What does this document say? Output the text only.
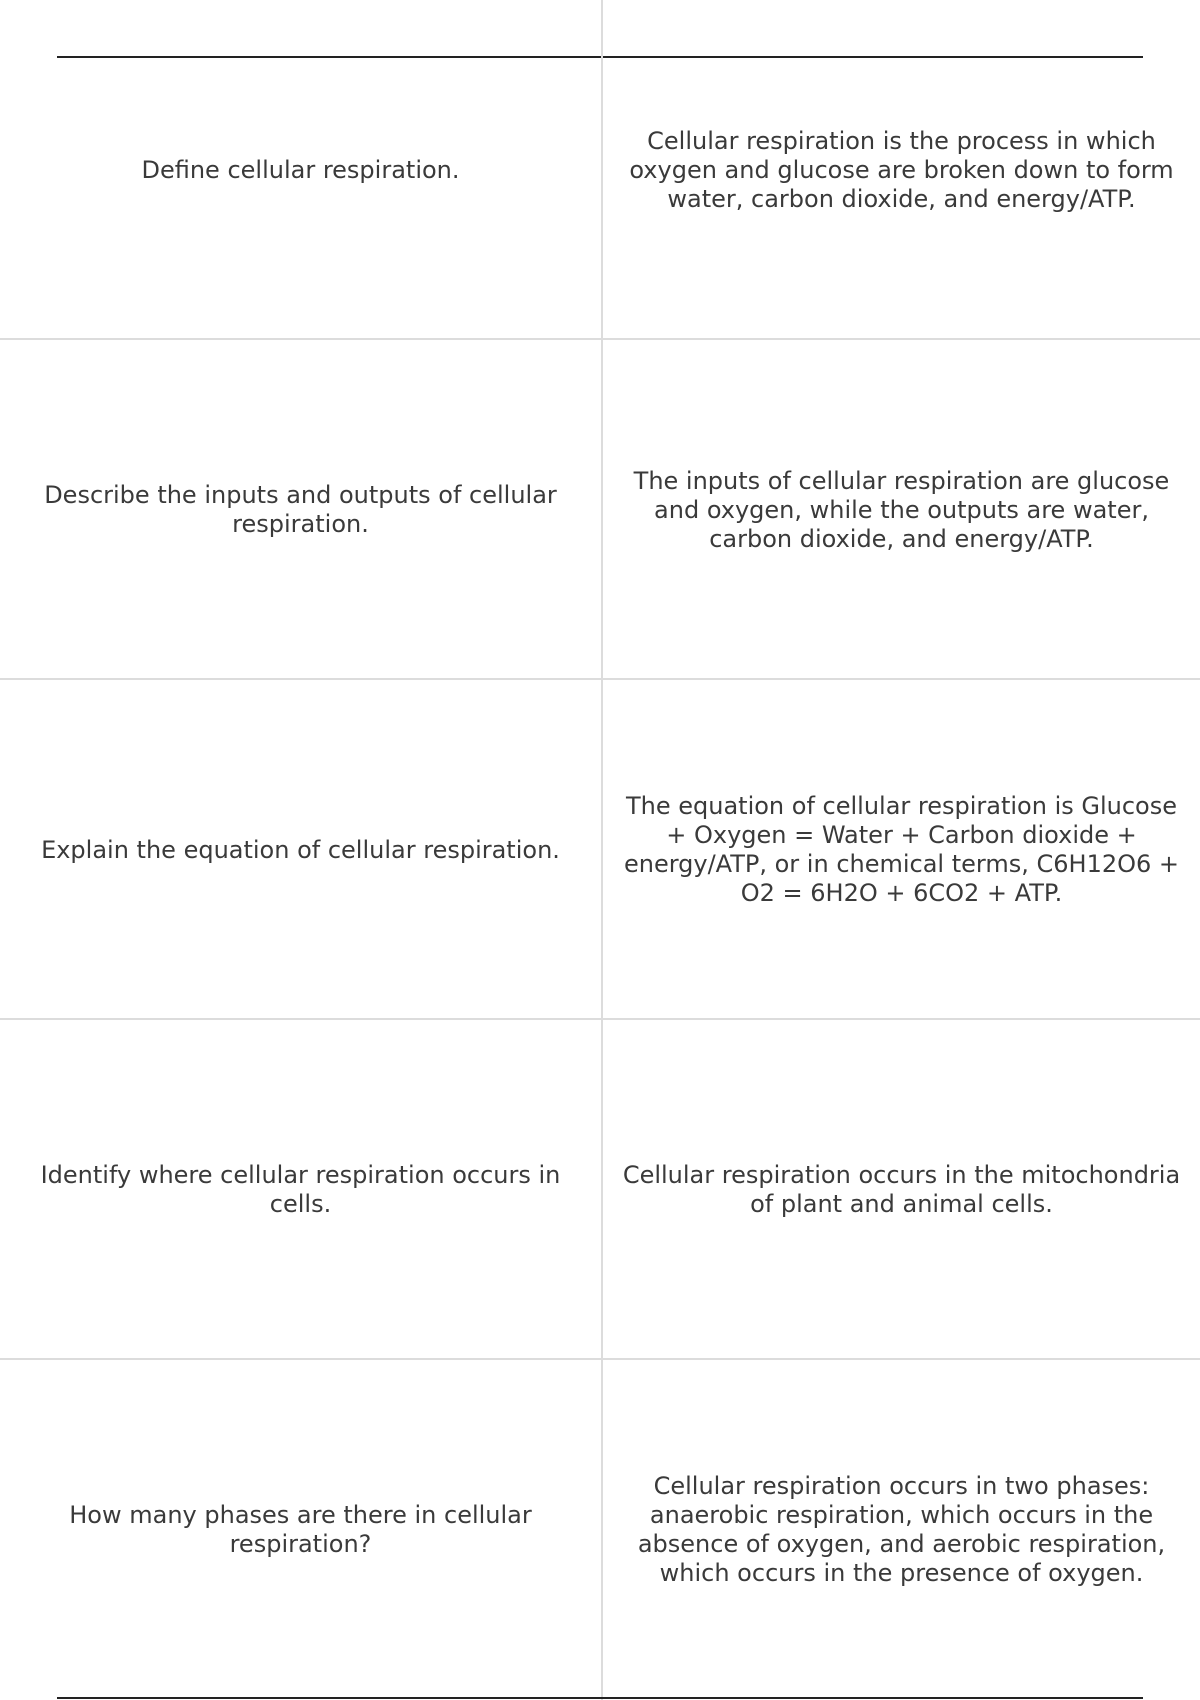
Define cellular respiration.
Cellular respiration is the process in which oxygen and glucose are broken down to form water, carbon dioxide, and energy/ATP.
Describe the inputs and outputs of cellular respiration.
The inputs of cellular respiration are glucose and oxygen, while the outputs are water, carbon dioxide, and energy/ATP.
Explain the equation of cellular respiration.
The equation of cellular respiration is Glucose + Oxygen = Water + Carbon dioxide + energy/ATP, or in chemical terms, C6H12O6 + O2 = 6H2O + 6CO2 + ATP.
Identify where cellular respiration occurs in cells.
Cellular respiration occurs in the mitochondria of plant and animal cells.
How many phases are there in cellular respiration?
Cellular respiration occurs in two phases: anaerobic respiration, which occurs in the absence of oxygen, and aerobic respiration, which occurs in the presence of oxygen.
